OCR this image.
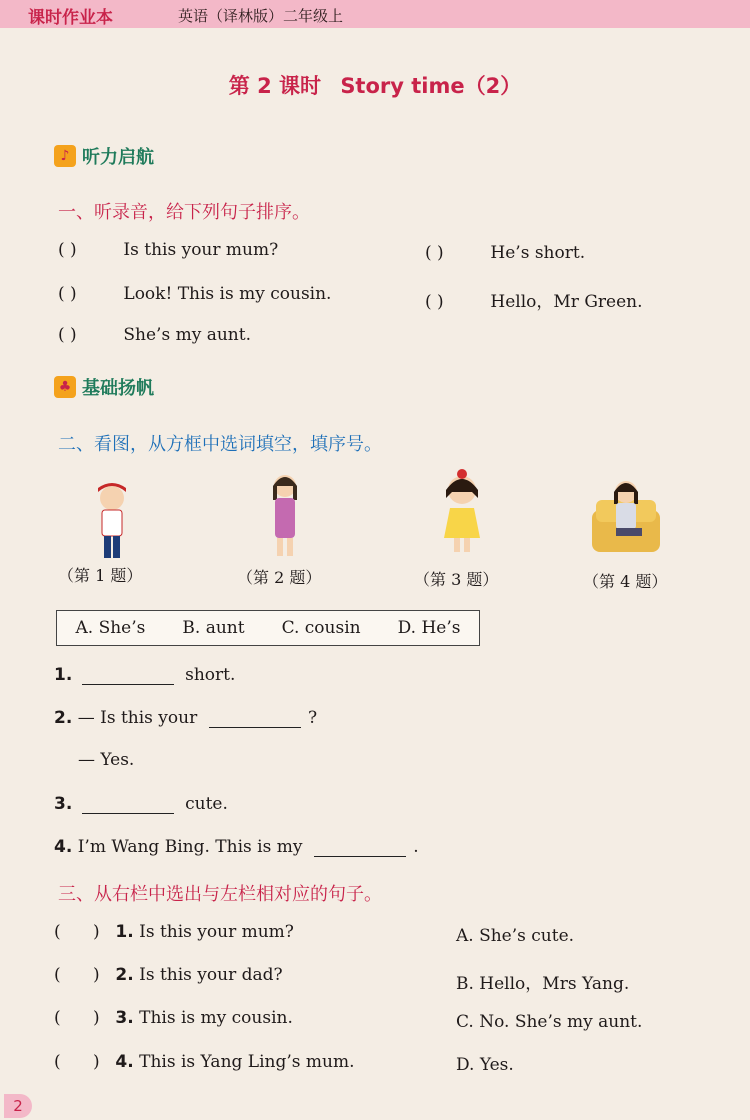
课时作业本	英语（译林版）二年级上
第 2 课时 Story time（2）
♪ 听力启航
一、听录音，给下列句子排序。
( )	Is this your mum?
( )	Look! This is my cousin.
( )	She’s my aunt.
( )	He’s short.
( )	Hello，Mr Green.
♣ 基础扬帆
二、看图，从方框中选词填空，填序号。
（第 1 题）	（第 2 题）	（第 3 题）	（第 4 题）
A. She’s B. aunt C. cousin D. He’s
1.	short.
2. — Is this your	?
— Yes.
3.	cute.
4. I’m Wang Bing. This is my	.
三、从右栏中选出与左栏相对应的句子。
(      ) 1. Is this your mum?
(      ) 2. Is this your dad?
(      ) 3. This is my cousin.
(      ) 4. This is Yang Ling’s mum.
A. She’s cute.
B. Hello，Mrs Yang.
C. No. She’s my aunt.
D. Yes.
2
